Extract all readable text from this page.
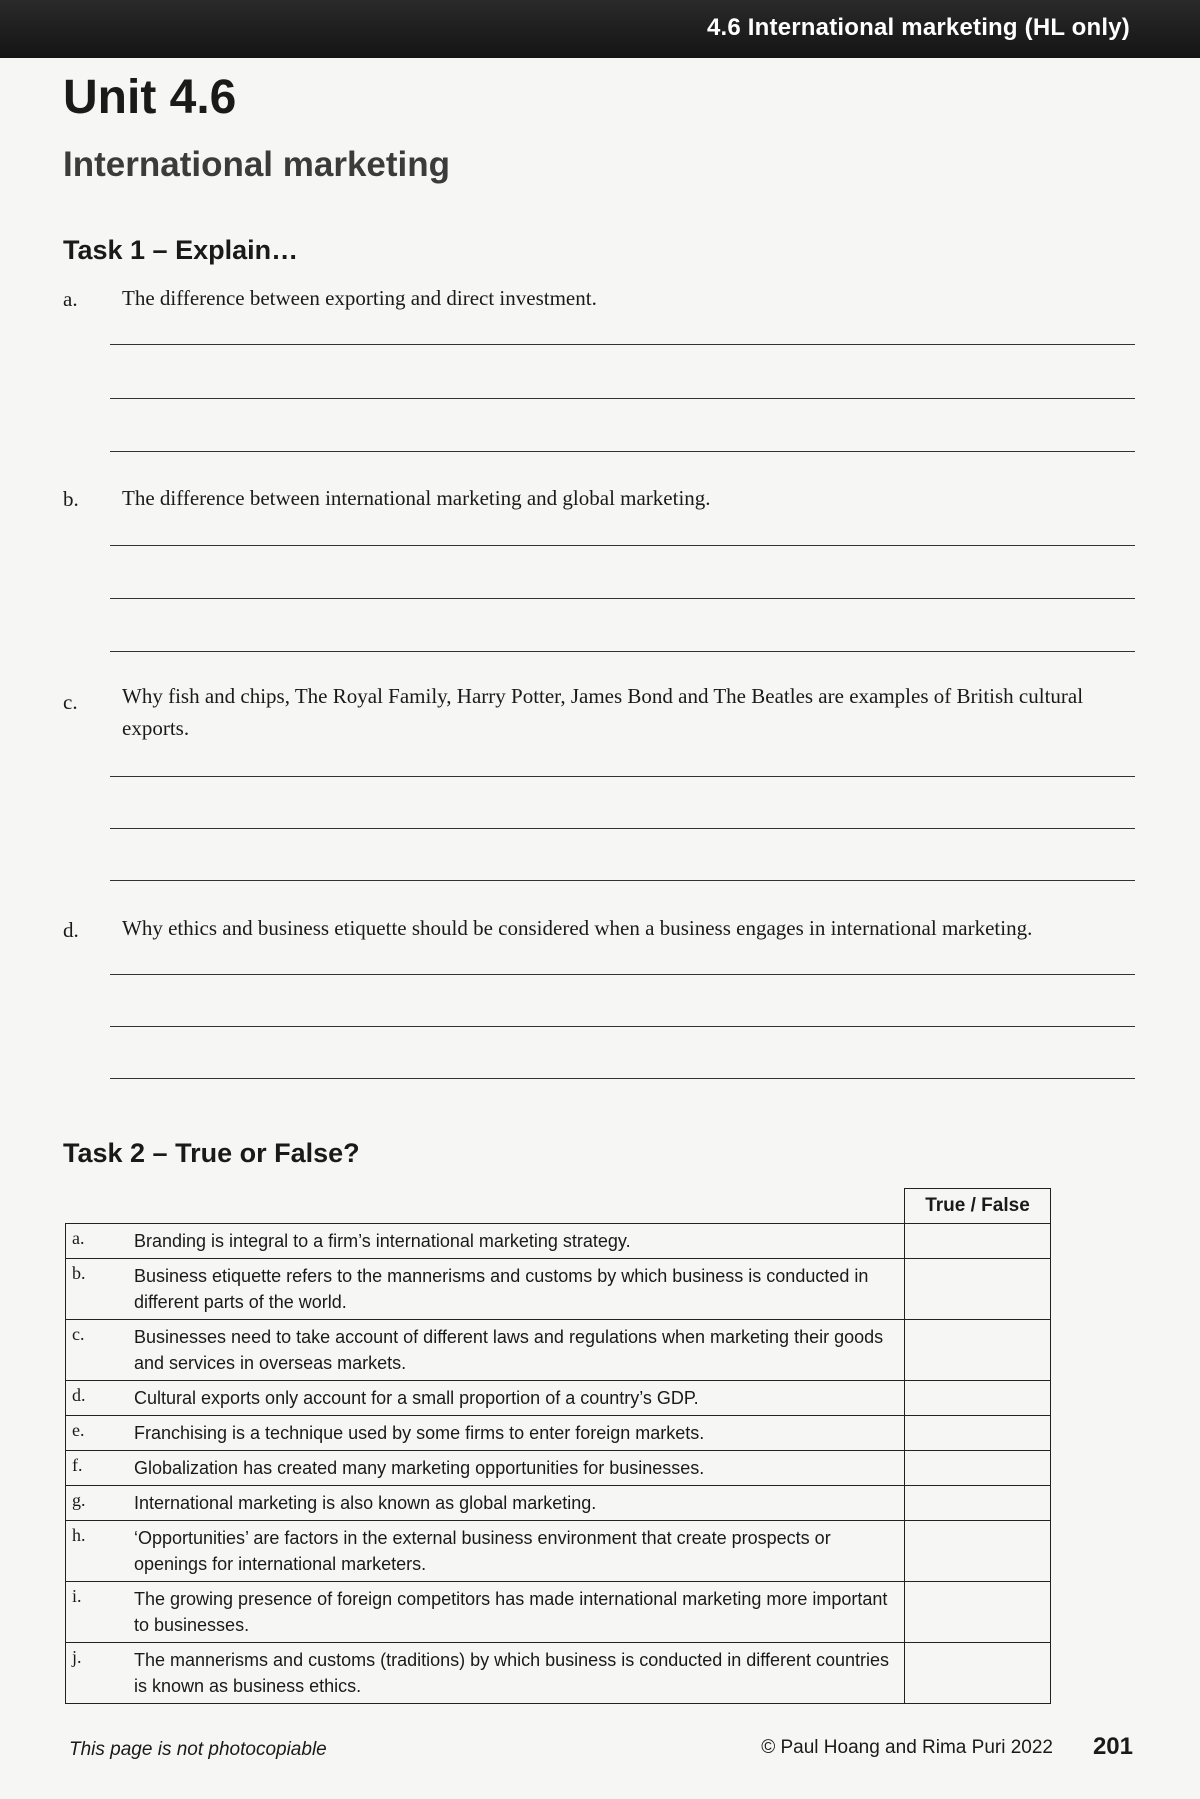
4.6 International marketing (HL only)
Unit 4.6
International marketing
Task 1 – Explain…
a. The difference between exporting and direct investment.
b. The difference between international marketing and global marketing.
c. Why fish and chips, The Royal Family, Harry Potter, James Bond and The Beatles are examples of British cultural exports.
d. Why ethics and business etiquette should be considered when a business engages in international marketing.
Task 2 – True or False?
		True / False
a.	Branding is integral to a firm’s international marketing strategy.	
b.	Business etiquette refers to the mannerisms and customs by which business is conducted in different parts of the world.	
c.	Businesses need to take account of different laws and regulations when marketing their goods and services in overseas markets.	
d.	Cultural exports only account for a small proportion of a country’s GDP.	
e.	Franchising is a technique used by some firms to enter foreign markets.	
f.	Globalization has created many marketing opportunities for businesses.	
g.	International marketing is also known as global marketing.	
h.	‘Opportunities’ are factors in the external business environment that create prospects or openings for international marketers.	
i.	The growing presence of foreign competitors has made international marketing more important to businesses.	
j.	The mannerisms and customs (traditions) by which business is conducted in different countries is known as business ethics.	
This page is not photocopiable	© Paul Hoang and Rima Puri 2022 201
